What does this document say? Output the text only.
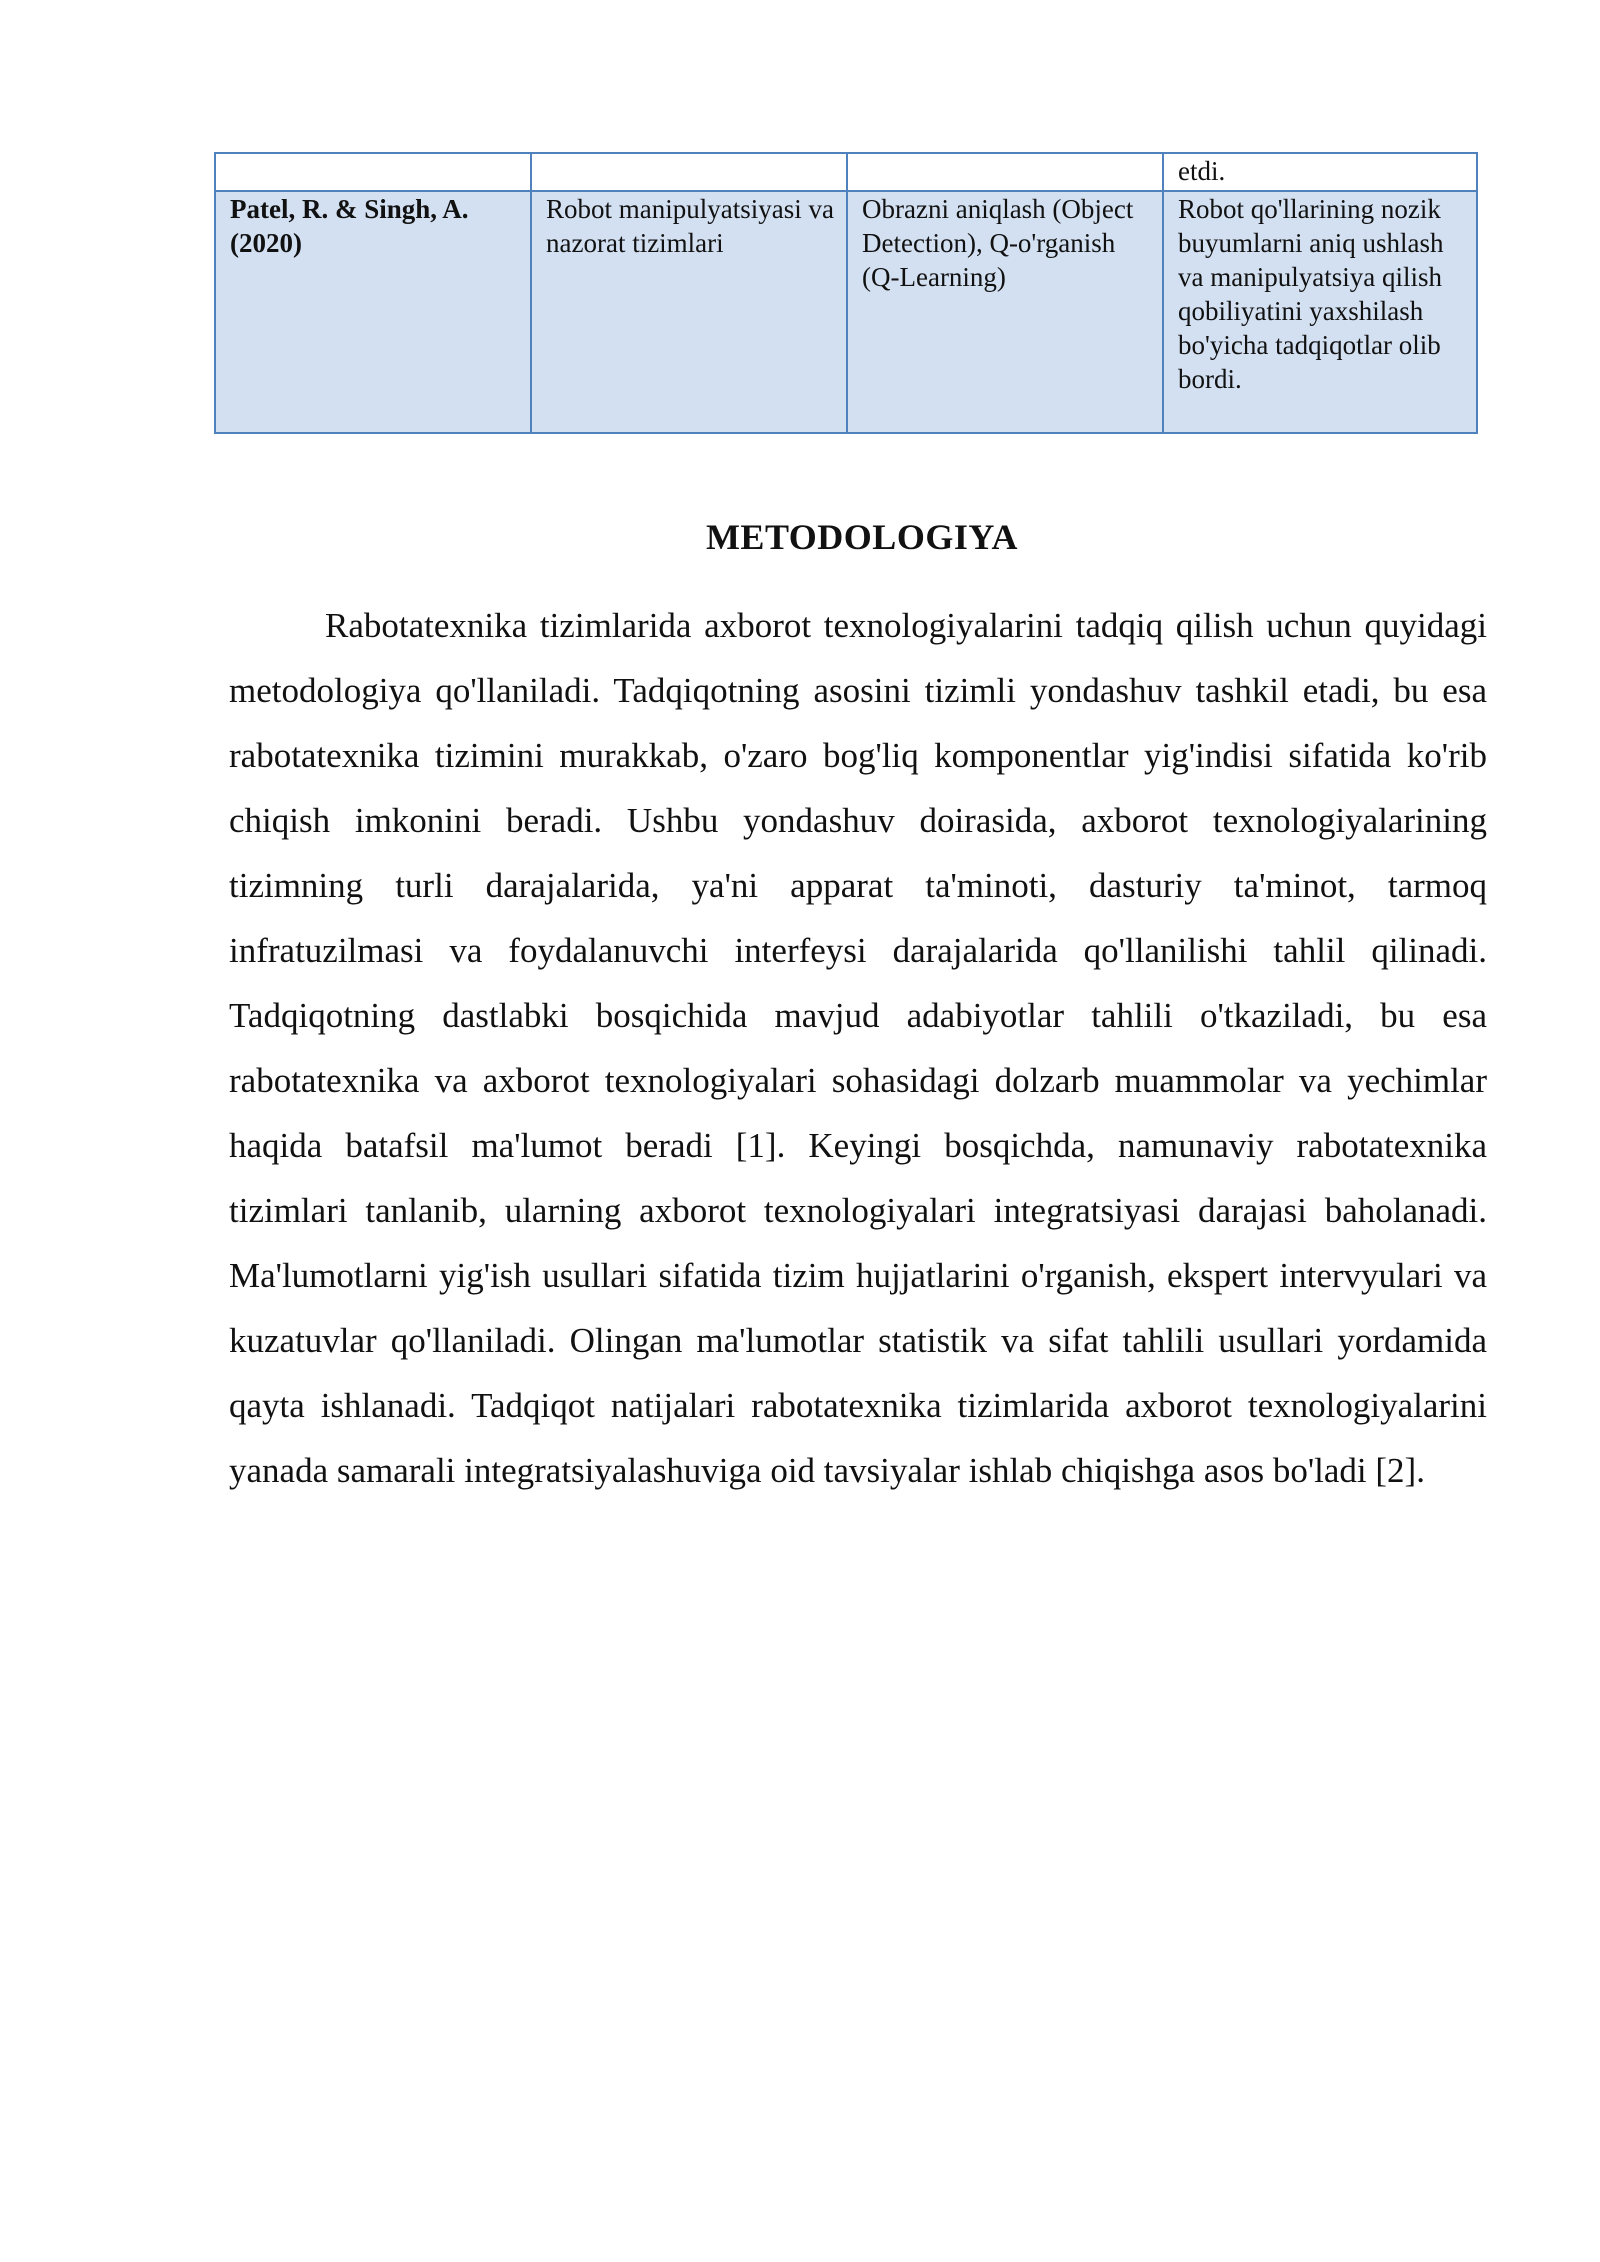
			etdi.
Patel, R. & Singh, A. (2020)	Robot manipulyatsiyasi va nazorat tizimlari	Obrazni aniqlash (Object Detection), Q-o'rganish (Q-Learning)	Robot qo'llarining nozik buyumlarni aniq ushlash va manipulyatsiya qilish qobiliyatini yaxshilash bo'yicha tadqiqotlar olib bordi.
METODOLOGIYA

Rabotatexnika tizimlarida axborot texnologiyalarini tadqiq qilish uchun quyidagi metodologiya qo'llaniladi. Tadqiqotning asosini tizimli yondashuv tashkil etadi, bu esa rabotatexnika tizimini murakkab, o'zaro bog'liq komponentlar yig'indisi sifatida ko'rib chiqish imkonini beradi. Ushbu yondashuv doirasida, axborot texnologiyalarining tizimning turli darajalarida, ya'ni apparat ta'minoti, dasturiy ta'minot, tarmoq infratuzilmasi va foydalanuvchi interfeysi darajalarida qo'llanilishi tahlil qilinadi. Tadqiqotning dastlabki bosqichida mavjud adabiyotlar tahlili o'tkaziladi, bu esa rabotatexnika va axborot texnologiyalari sohasidagi dolzarb muammolar va yechimlar haqida batafsil ma'lumot beradi [1]. Keyingi bosqichda, namunaviy rabotatexnika tizimlari tanlanib, ularning axborot texnologiyalari integratsiyasi darajasi baholanadi. Ma'lumotlarni yig'ish usullari sifatida tizim hujjatlarini o'rganish, ekspert intervyulari va kuzatuvlar qo'llaniladi. Olingan ma'lumotlar statistik va sifat tahlili usullari yordamida qayta ishlanadi. Tadqiqot natijalari rabotatexnika tizimlarida axborot texnologiyalarini yanada samarali integratsiyalashuviga oid tavsiyalar ishlab chiqishga asos bo'ladi [2].
